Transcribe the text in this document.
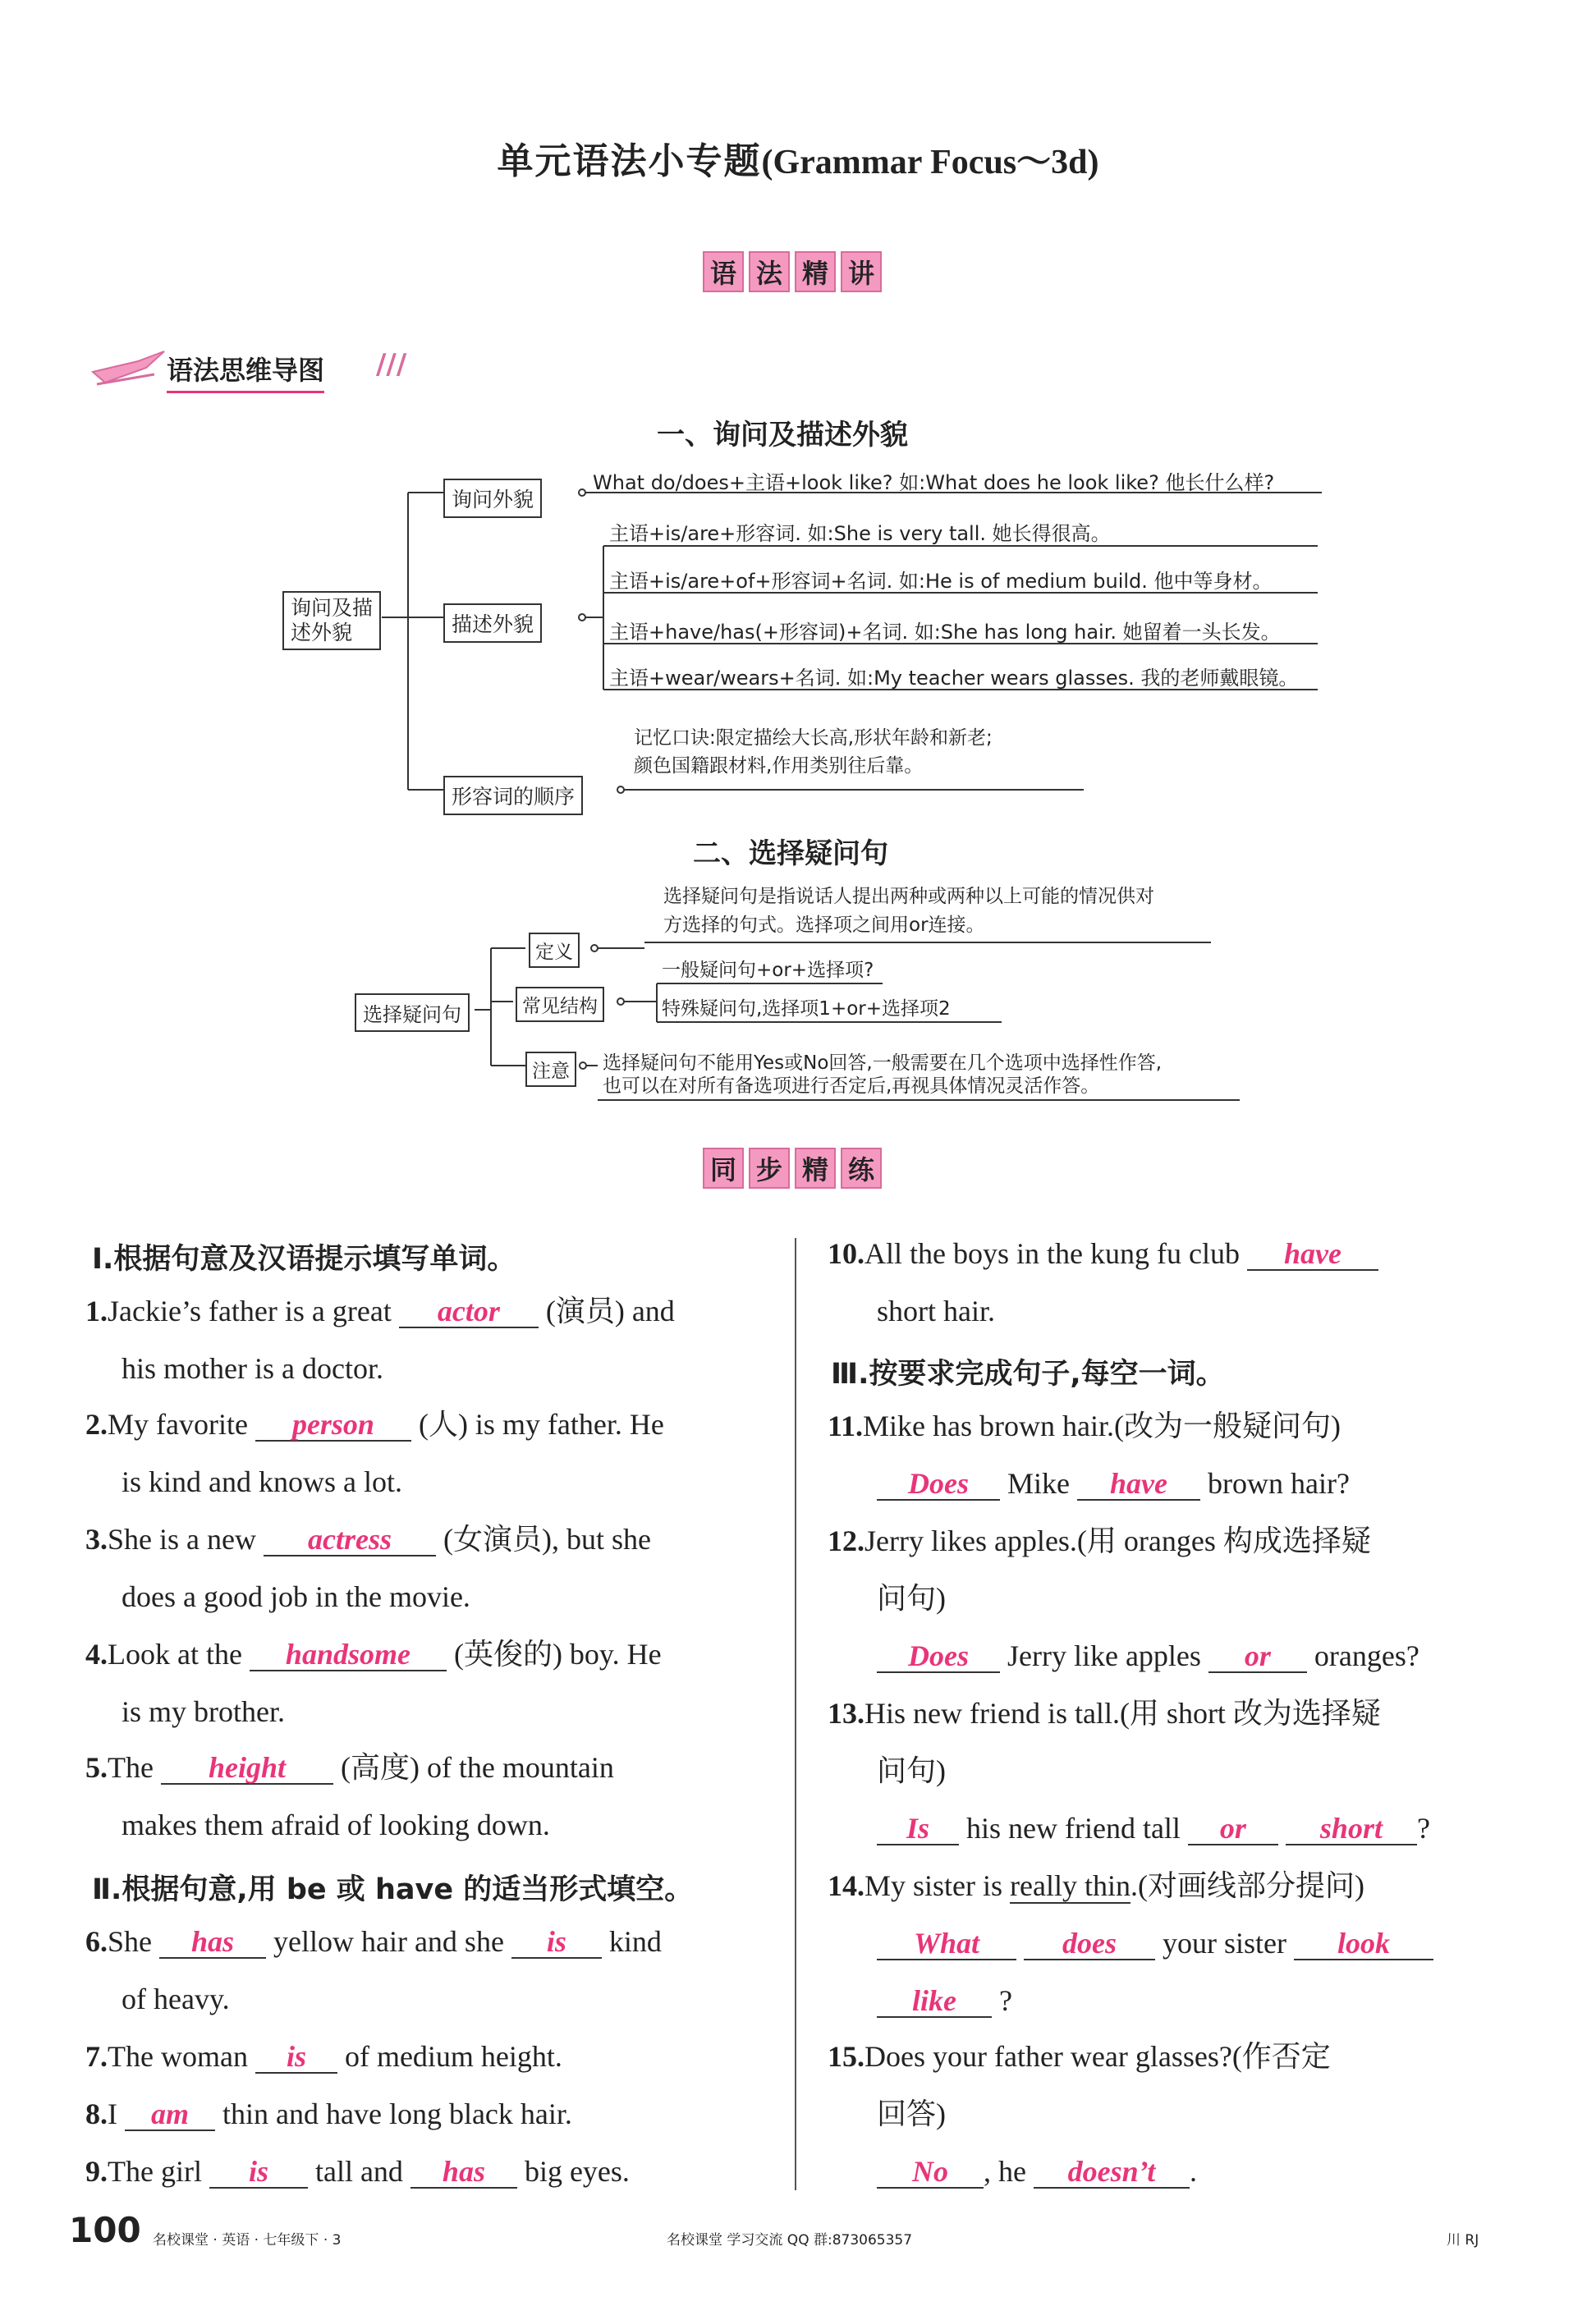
单元语法小专题(Grammar Focus～3d)
语 法 精 讲
语法思维导图 ///
一、询问及描述外貌
询问及描
述外貌
询问外貌
What do/does+主语+look like? 如:What does he look like? 他长什么样?
描述外貌
主语+is/are+形容词. 如:She is very tall. 她长得很高。
主语+is/are+of+形容词+名词. 如:He is of medium build. 他中等身材。
主语+have/has(+形容词)+名词. 如:She has long hair. 她留着一头长发。
主语+wear/wears+名词. 如:My teacher wears glasses. 我的老师戴眼镜。
形容词的顺序
记忆口诀:限定描绘大长高,形状年龄和新老;
颜色国籍跟材料,作用类别往后靠。
二、选择疑问句
选择疑问句
定义
选择疑问句是指说话人提出两种或两种以上可能的情况供对
方选择的句式。选择项之间用or连接。
常见结构
一般疑问句+or+选择项?
特殊疑问句,选择项1+or+选择项2
注意	选择疑问句不能用Yes或No回答,一般需要在几个选项中选择性作答,
也可以在对所有备选项进行否定后,再视具体情况灵活作答。
同 步 精 练
Ⅰ.根据句意及汉语提示填写单词。
1.Jackie’s father is a great actor (演员) and
his mother is a doctor.
2.My favorite person (人) is my father. He
is kind and knows a lot.
3.She is a new actress (女演员), but she
does a good job in the movie.
4.Look at the handsome (英俊的) boy. He
is my brother.
5.The height (高度) of the mountain
makes them afraid of looking down.
Ⅱ.根据句意,用 be 或 have 的适当形式填空。
6.She has yellow hair and she is kind
of heavy.
7.The woman is of medium height.
8.I am thin and have long black hair.
9.The girl is tall and has big eyes.
10.All the boys in the kung fu club have
short hair.
Ⅲ.按要求完成句子,每空一词。
11.Mike has brown hair.(改为一般疑问句)
Does Mike have brown hair?
12.Jerry likes apples.(用 oranges 构成选择疑
问句)
Does Jerry like apples or oranges?
13.His new friend is tall.(用 short 改为选择疑
问句)
Is his new friend tall or short ?
14.My sister is really thin.(对画线部分提问)
What	does your sister look
like ?
15.Does your father wear glasses?(作否定
回答)
No , he doesn’t .
100 名校课堂 · 英语 · 七年级下 · 3	名校课堂 学习交流 QQ 群:873065357	川 RJ
